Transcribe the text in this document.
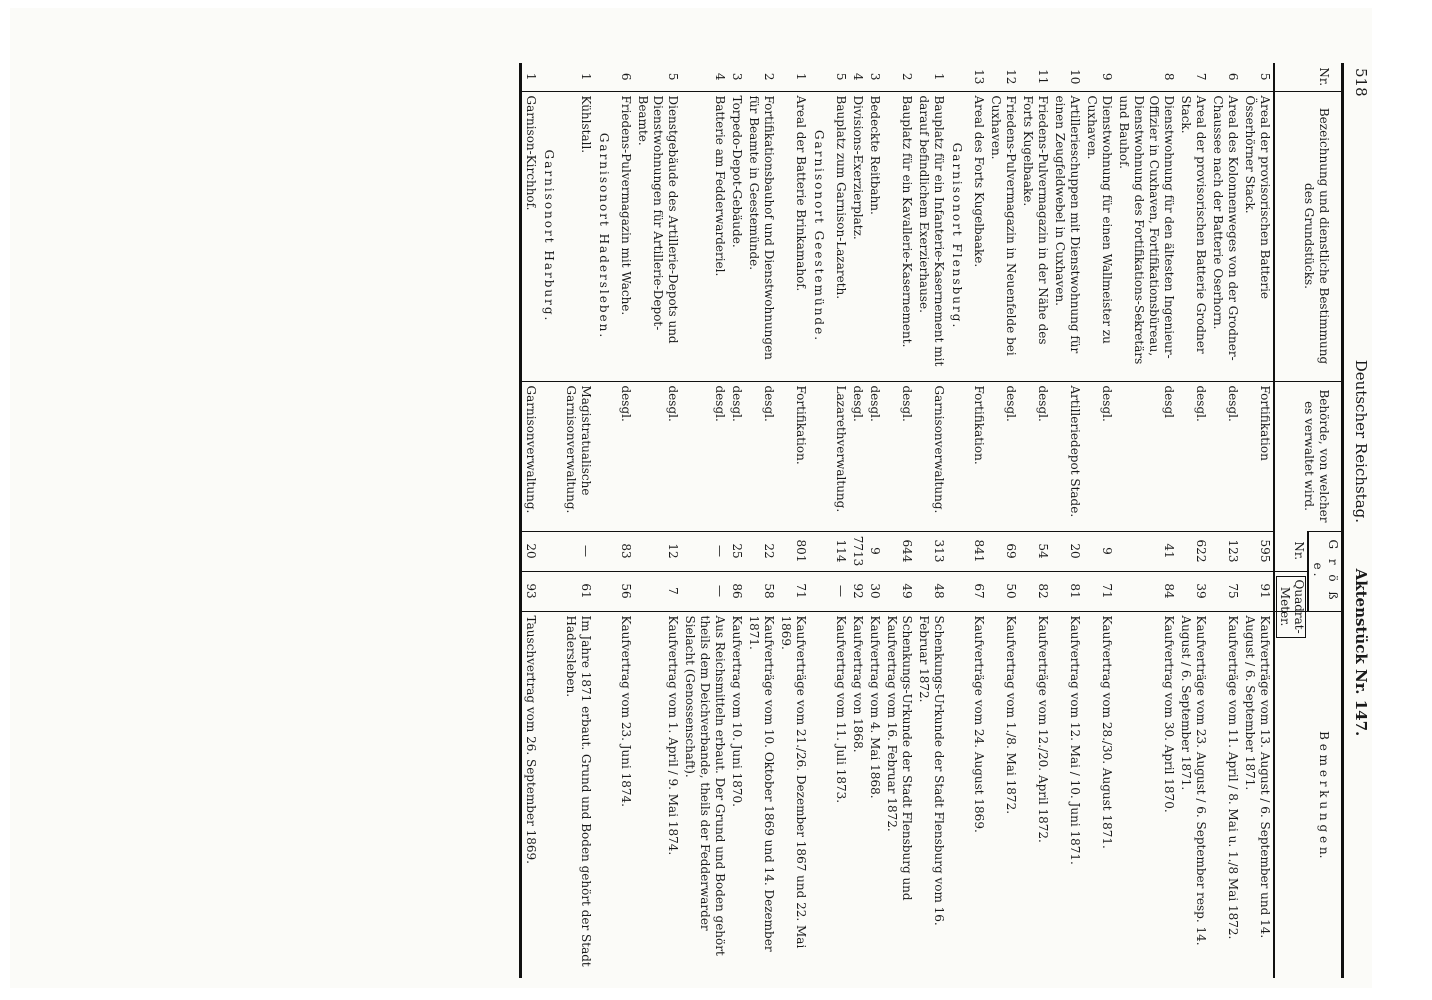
518
Deutscher Reichstag.  Aktenstück Nr. 147.
Nr.	Bezeichnung und dienstliche Bestimmung des Grundstücks.	Behörde, von welcher es verwaltet wird.	G r ö ß e.		B e m e r k u n g e n.
			Nr.	Quadrat-Meter.	
5	Areal der provisorischen Batterie Össerhörner Stack.	Fortifikation	595	91	Kaufverträge vom 13. August / 6. September und 14. August / 6. September 1871.
6	Areal des Kolonnenweges von der Grodner-Chaussee nach der Batterie Oserhorn.	desgl.	123	75	Kaufverträge vom 11. April / 8. Mai u. 1./8 Mai 1872.
7	Areal der provisorischen Batterie Grodner Stack.	desgl.	622	39	Kaufverträge vom 23. August / 6. September resp. 14. August / 6. September 1871.
8	Dienstwohnung für den ältesten Ingenieur-Offizier in Cuxhaven, Fortifikationsbüreau, Dienstwohnung des Fortifikations-Sekretärs und Bauhof.	desgl	41	84	Kaufvertrag vom 30. April 1870.
9	Dienstwohnung für einen Wallmeister zu Cuxhaven.	desgl.	9	71	Kaufvertrag vom 28./30. August 1871.
10	Artillerieschuppen mit Dienstwohnung für einen Zeugfeldwebel in Cuxhaven.	Artilleriedepot Stade.	20	81	Kaufvertrag vom 12. Mai / 10. Juni 1871.
11	Friedens-Pulvermagazin in der Nähe des Forts Kugelbaake.	desgl.	54	82	Kaufverträge vom 12./20. April 1872.
12	Friedens-Pulvermagazin in Neuenfelde bei Cuxhaven.	desgl.	69	50	Kaufvertrag vom 1./8. Mai 1872.
13	Areal des Forts Kugelbaake.	Fortifikation.	841	67	Kaufverträge vom 24. August 1869.
	Garnisonort Flensburg.				
1	Bauplatz für ein Infanterie-Kasernement mit darauf befindlichem Exerzierhause.	Garnisonverwaltung.	313	48	Schenkungs-Urkunde der Stadt Flensburg vom 16. Februar 1872.
2	Bauplatz für ein Kavallerie-Kasernement.	desgl.	644	49	Schenkungs-Urkunde der Stadt Flensburg und Kaufvertrag vom 16. Februar 1872.
3	Bedeckte Reitbahn.	desgl.	9	30	Kaufvertrag vom 4. Mai 1868.
4	Divisions-Exerzierplatz.	desgl.	7713	92	Kaufvertrag von 1868.
5	Bauplatz zum Garnison-Lazareth.	Lazarethverwaltung.	114	—	Kaufvertrag vom 11. Juli 1873.
	Garnisonort Geestemünde.				
1	Areal der Batterie Brinkamahof.	Fortifikation.	801	71	Kaufverträge vom 21./26. Dezember 1867 und 22. Mai 1869.
2	Fortifikationsbauhof und Dienstwohnungen für Beamte in Geestemünde.	desgl.	22	58	Kaufverträge vom 10. Oktober 1869 und 14. Dezember 1871.
3	Torpedo-Depot-Gebäude.	desgl.	25	86	Kaufvertrag vom 10. Juni 1870.
4	Batterie am Fedderwarderiel.	desgl.	—	—	Aus Reichsmitteln erbaut. Der Grund und Boden gehört theils dem Deichverbande, theils der Fedderwarder Sielacht (Genossenschaft).
5	Dienstgebäude des Artillerie-Depots und Dienstwohnungen für Artillerie-Depot-Beamte.	desgl.	12	7	Kaufvertrag vom 1. April / 9. Mai 1874.
6	Friedens-Pulvermagazin mit Wache.	desgl.	83	56	Kaufvertrag vom 23. Juni 1874.
	Garnisonort Hadersleben.				
1	Kühlstall.	Magistratualische Garnisonverwaltung.	—	61	Im Jahre 1871 erbaut. Grund und Boden gehört der Stadt Hadersleben.
	Garnisonort Harburg.				
1	Garnison-Kirchhof.	Garnisonverwaltung.	20	93	Tauschvertrag vom 26. September 1869.
